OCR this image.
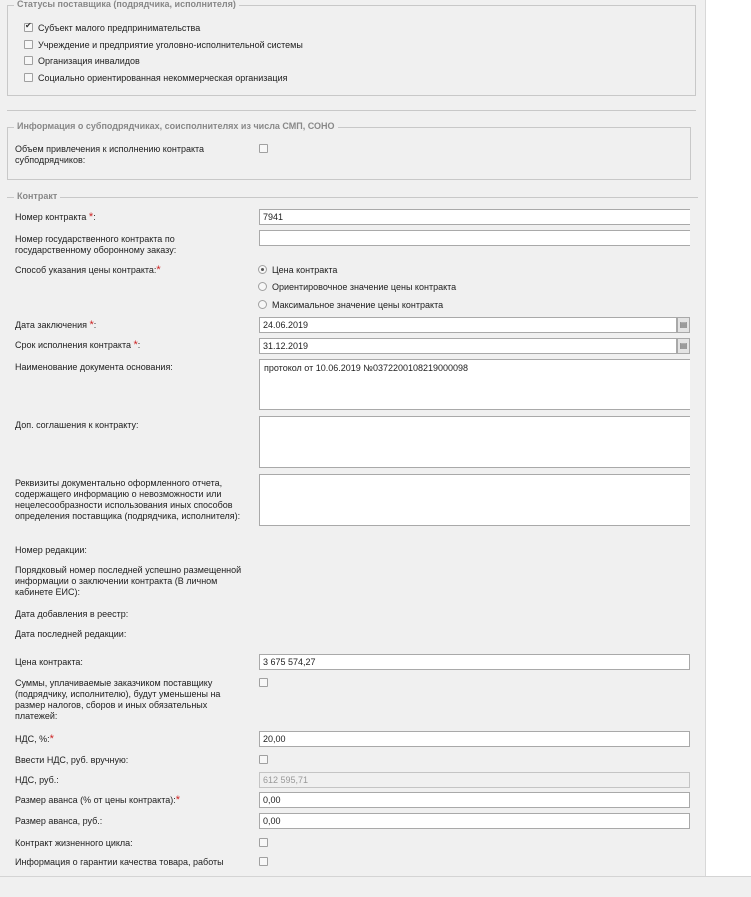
Статусы поставщика (подрядчика, исполнителя)
✔
Субъект малого предпринимательства
Учреждение и предприятие уголовно-исполнительной системы
Организация инвалидов
Социально ориентированная некоммерческая организация
Информация о субподрядчиках, соисполнителях из числа СМП, СОНО
Объем привлечения к исполнению контракта субподрядчиков:
Контракт
Номер контракта *:	7941
Номер государственного контракта по государственному оборонному заказу:
Способ указания цены контракта:*	Цена контракта
Ориентировочное значение цены контракта
Максимальное значение цены контракта
Дата заключения *:	24.06.2019	▤
Срок исполнения контракта *:	31.12.2019	▤
Наименование документа основания:	протокол от 10.06.2019 №0372200108219000098
Доп. соглашения к контракту:
Реквизиты документально оформленного отчета, содержащего информацию о невозможности или нецелесообразности использования иных способов определения поставщика (подрядчика, исполнителя):
Номер редакции:
Порядковый номер последней успешно размещенной информации о заключении контракта (В личном кабинете ЕИС):
Дата добавления в реестр:
Дата последней редакции:
Цена контракта:	3 675 574,27
Суммы, уплачиваемые заказчиком поставщику (подрядчику, исполнителю), будут уменьшены на размер налогов, сборов и иных обязательных платежей:
НДС, %:*	20,00
Ввести НДС, руб. вручную:
НДС, руб.:	612 595,71
Размер аванса (% от цены контракта):*	0,00
Размер аванса, руб.:	0,00
Контракт жизненного цикла:
Информация о гарантии качества товара, работы
